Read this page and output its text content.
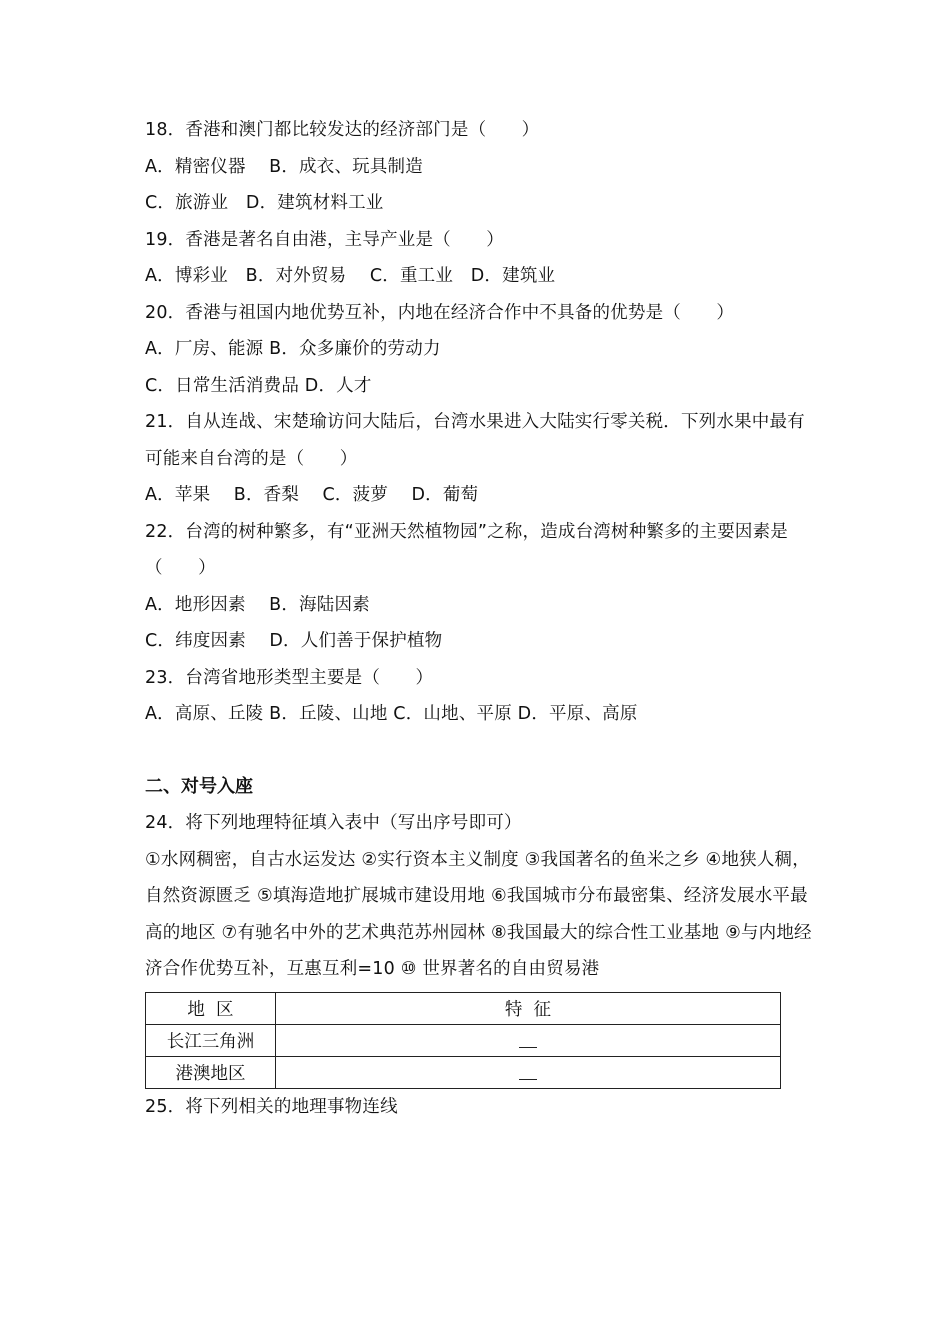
18．香港和澳门都比较发达的经济部门是（　　）
A．精密仪器　 B．成衣、玩具制造
C．旅游业　D．建筑材料工业
19．香港是著名自由港，主导产业是（　　）
A．博彩业　B．对外贸易　 C．重工业　D．建筑业
20．香港与祖国内地优势互补，内地在经济合作中不具备的优势是（　　）
A．厂房、能源 B．众多廉价的劳动力
C．日常生活消费品 D．人才
21．自从连战、宋楚瑜访问大陆后，台湾水果进入大陆实行零关税．下列水果中最有可能来自台湾的是（　　）
A．苹果　 B．香梨　 C．菠萝　 D．葡萄
22．台湾的树种繁多，有“亚洲天然植物园”之称，造成台湾树种繁多的主要因素是（　　）
A．地形因素　 B．海陆因素
C．纬度因素　 D．人们善于保护植物
23．台湾省地形类型主要是（　　）
A．高原、丘陵 B．丘陵、山地 C．山地、平原 D．平原、高原
二、对号入座
24．将下列地理特征填入表中（写出序号即可）
①水网稠密，自古水运发达 ②实行资本主义制度 ③我国著名的鱼米之乡 ④地狭人稠，自然资源匮乏 ⑤填海造地扩展城市建设用地 ⑥我国城市分布最密集、经济发展水平最高的地区 ⑦有驰名中外的艺术典范苏州园林 ⑧我国最大的综合性工业基地 ⑨与内地经济合作优势互补，互惠互利=10 ⑩ 世界著名的自由贸易港
地  区	特  征
长江三角洲	
港澳地区	
25．将下列相关的地理事物连线
